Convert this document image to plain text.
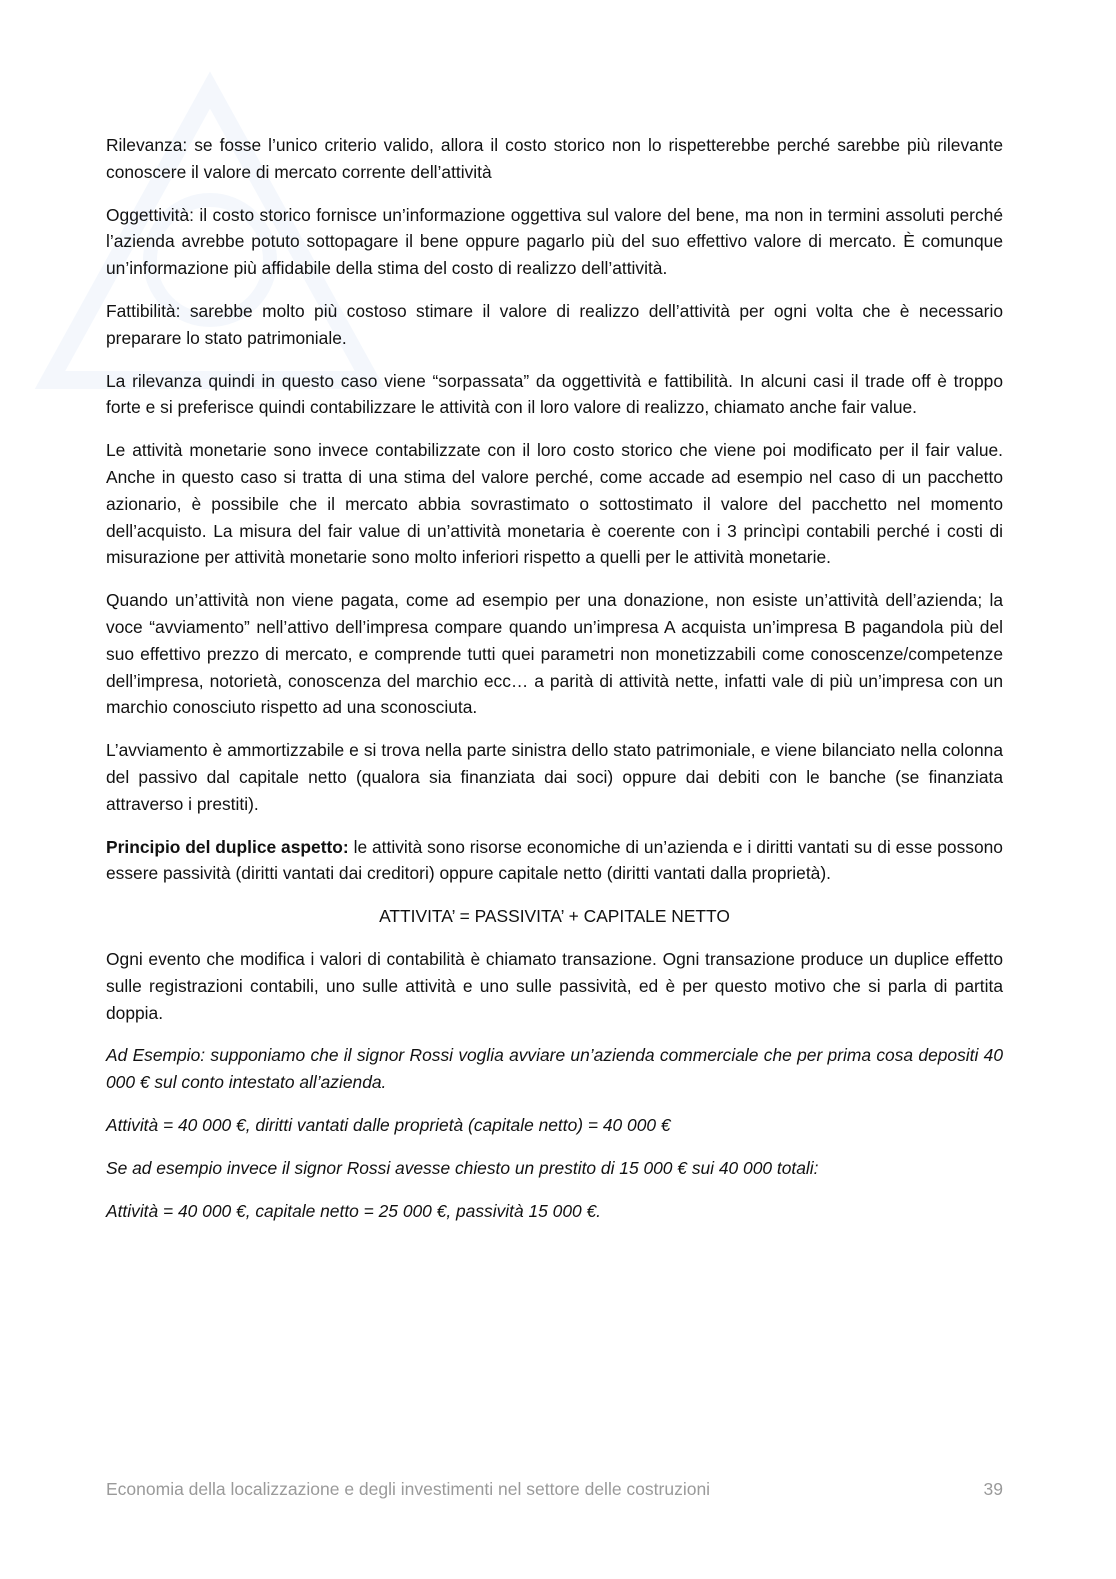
Rilevanza: se fosse l’unico criterio valido, allora il costo storico non lo rispetterebbe perché sarebbe più rilevante conoscere il valore di mercato corrente dell’attività

Oggettività: il costo storico fornisce un’informazione oggettiva sul valore del bene, ma non in termini assoluti perché l’azienda avrebbe potuto sottopagare il bene oppure pagarlo più del suo effettivo valore di mercato. È comunque un’informazione più affidabile della stima del costo di realizzo dell’attività.

Fattibilità: sarebbe molto più costoso stimare il valore di realizzo dell’attività per ogni volta che è necessario preparare lo stato patrimoniale.

La rilevanza quindi in questo caso viene “sorpassata” da oggettività e fattibilità. In alcuni casi il trade off è troppo forte e si preferisce quindi contabilizzare le attività con il loro valore di realizzo, chiamato anche fair value.

Le attività monetarie sono invece contabilizzate con il loro costo storico che viene poi modificato per il fair value. Anche in questo caso si tratta di una stima del valore perché, come accade ad esempio nel caso di un pacchetto azionario, è possibile che il mercato abbia sovrastimato o sottostimato il valore del pacchetto nel momento dell’acquisto. La misura del fair value di un’attività monetaria è coerente con i 3 princìpi contabili perché i costi di misurazione per attività monetarie sono molto inferiori rispetto a quelli per le attività monetarie.

Quando un’attività non viene pagata, come ad esempio per una donazione, non esiste un’attività dell’azienda; la voce “avviamento” nell’attivo dell’impresa compare quando un’impresa A acquista un’impresa B pagandola più del suo effettivo prezzo di mercato, e comprende tutti quei parametri non monetizzabili come conoscenze/competenze dell’impresa, notorietà, conoscenza del marchio ecc… a parità di attività nette, infatti vale di più un’impresa con un marchio conosciuto rispetto ad una sconosciuta.

L’avviamento è ammortizzabile e si trova nella parte sinistra dello stato patrimoniale, e viene bilanciato nella colonna del passivo dal capitale netto (qualora sia finanziata dai soci) oppure dai debiti con le banche (se finanziata attraverso i prestiti).

Principio del duplice aspetto: le attività sono risorse economiche di un’azienda e i diritti vantati su di esse possono essere passività (diritti vantati dai creditori) oppure capitale netto (diritti vantati dalla proprietà).

ATTIVITA’ = PASSIVITA’ + CAPITALE NETTO

Ogni evento che modifica i valori di contabilità è chiamato transazione. Ogni transazione produce un duplice effetto sulle registrazioni contabili, uno sulle attività e uno sulle passività, ed è per questo motivo che si parla di partita doppia.

Ad Esempio: supponiamo che il signor Rossi voglia avviare un’azienda commerciale che per prima cosa depositi 40 000 € sul conto intestato all’azienda.

Attività = 40 000 €, diritti vantati dalle proprietà (capitale netto) = 40 000 €

Se ad esempio invece il signor Rossi avesse chiesto un prestito di 15 000 € sui 40 000 totali:

Attività = 40 000 €, capitale netto = 25 000 €, passività 15 000 €.

Economia della localizzazione e degli investimenti nel settore delle costruzioni	39
